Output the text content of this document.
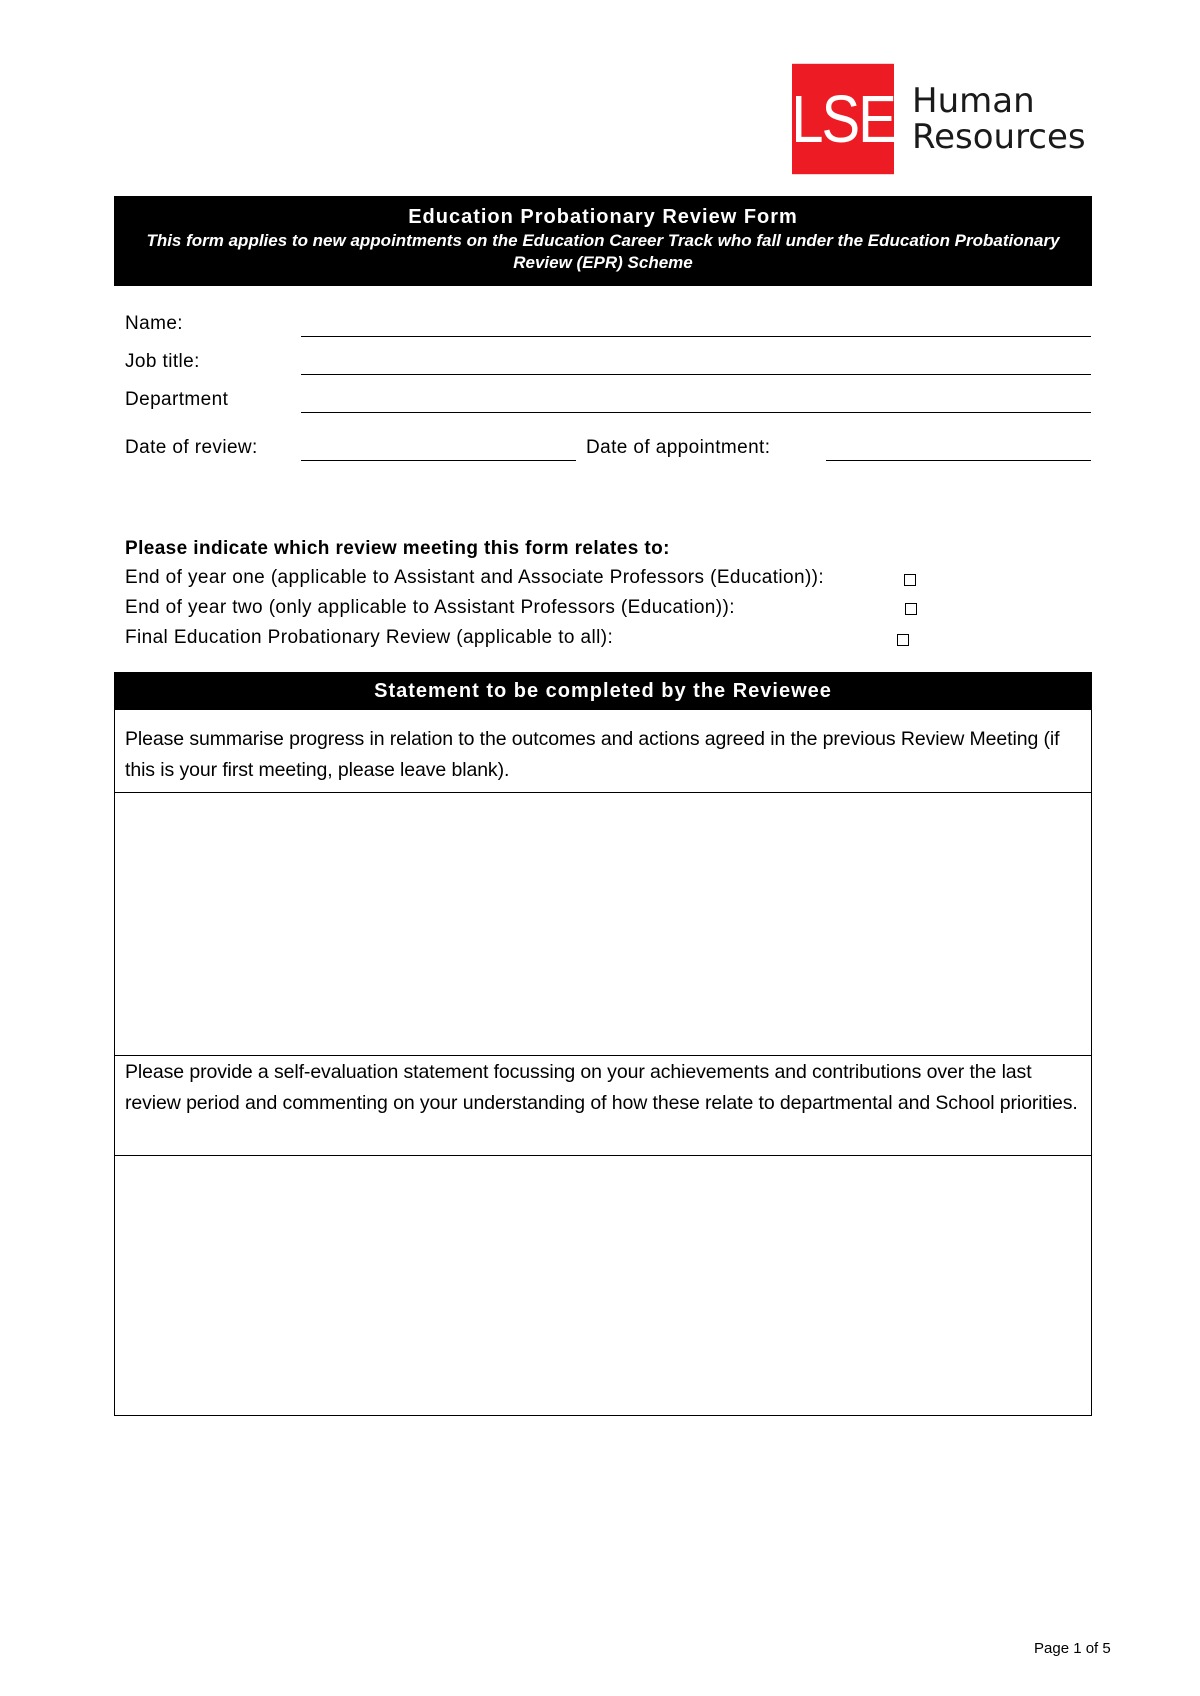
LSE Human
Resources
Education Probationary Review Form
This form applies to new appointments on the Education Career Track who fall under the Education Probationary Review (EPR) Scheme
Name:
Job title:
Department
Date of review:	Date of appointment:
Please indicate which review meeting this form relates to:
End of year one (applicable to Assistant and Associate Professors (Education)):
End of year two (only applicable to Assistant Professors (Education)):
Final Education Probationary Review (applicable to all):
Statement to be completed by the Reviewee
Please summarise progress in relation to the outcomes and actions agreed in the previous Review Meeting (if this is your first meeting, please leave blank).
Please provide a self-evaluation statement focussing on your achievements and contributions over the last review period and commenting on your understanding of how these relate to departmental and School priorities.
Page 1 of 5
